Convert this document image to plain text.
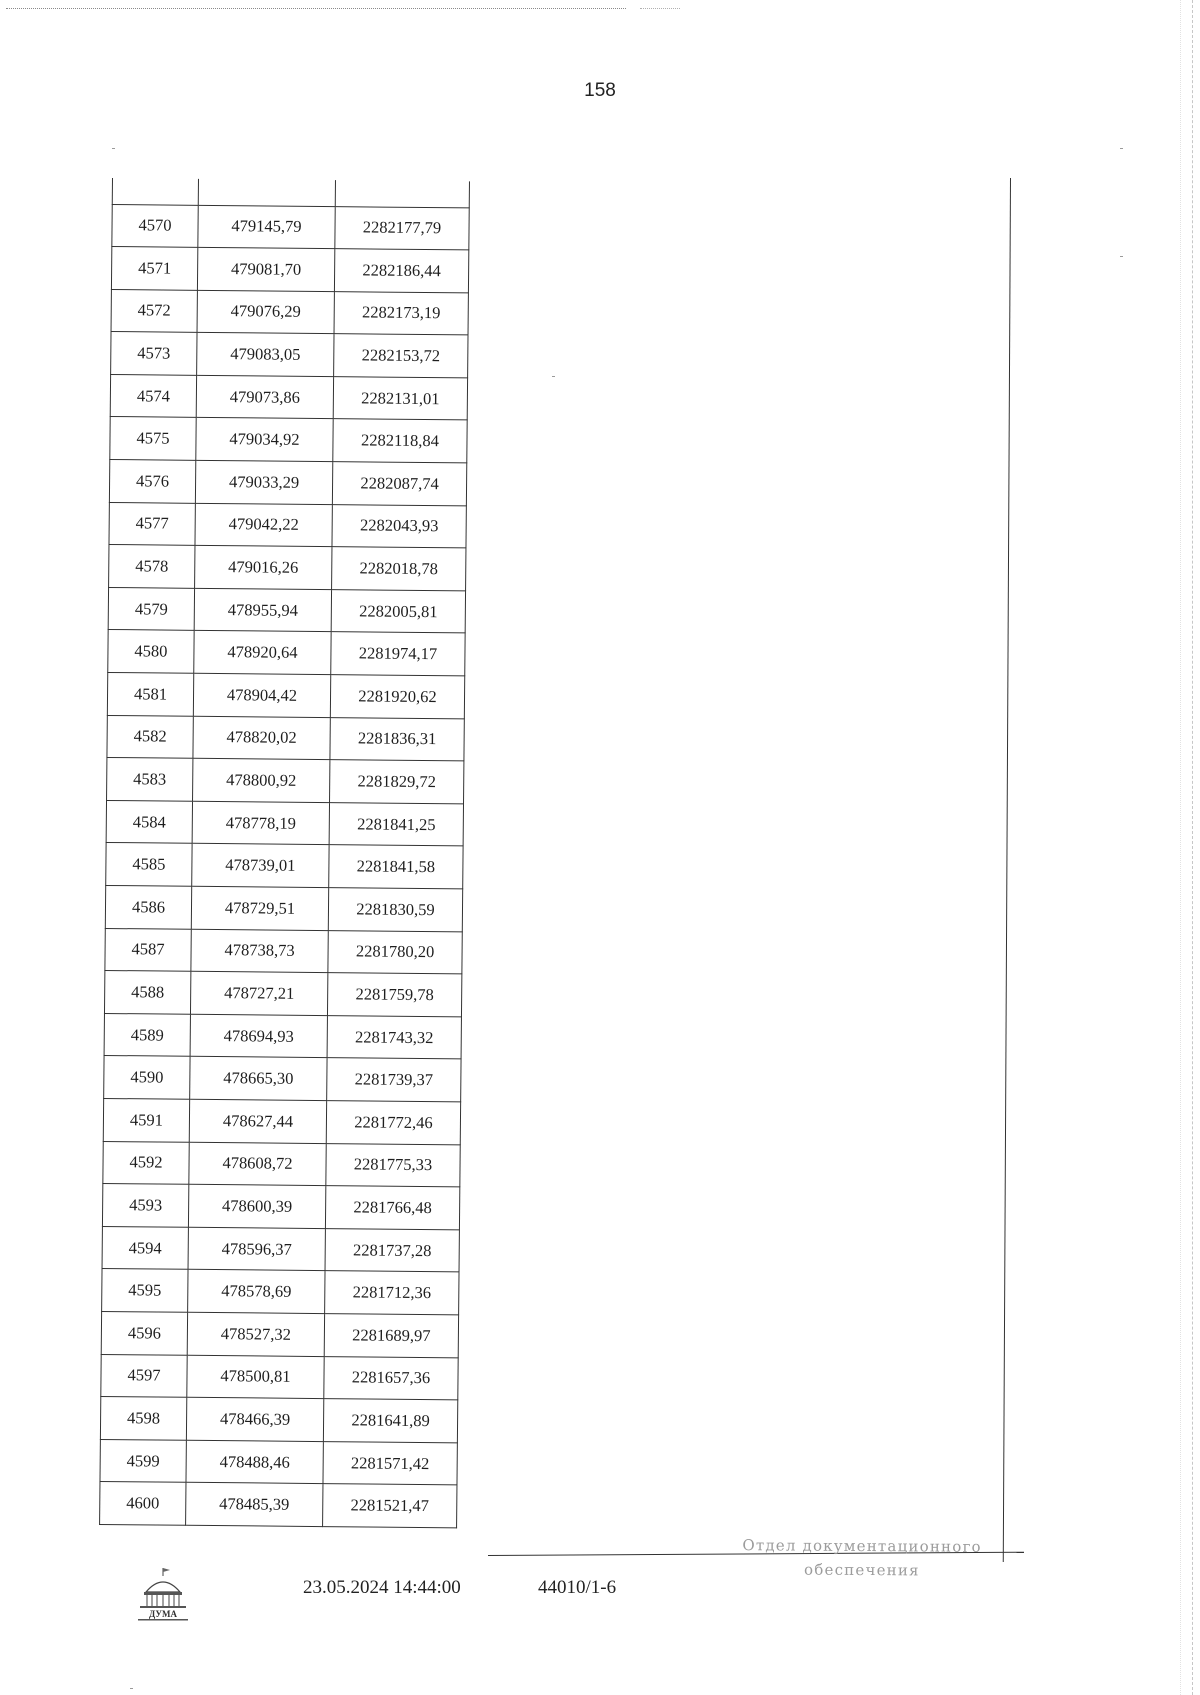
158

4570	479145,79	2282177,79
4571	479081,70	2282186,44
4572	479076,29	2282173,19
4573	479083,05	2282153,72
4574	479073,86	2282131,01
4575	479034,92	2282118,84
4576	479033,29	2282087,74
4577	479042,22	2282043,93
4578	479016,26	2282018,78
4579	478955,94	2282005,81
4580	478920,64	2281974,17
4581	478904,42	2281920,62
4582	478820,02	2281836,31
4583	478800,92	2281829,72
4584	478778,19	2281841,25
4585	478739,01	2281841,58
4586	478729,51	2281830,59
4587	478738,73	2281780,20
4588	478727,21	2281759,78
4589	478694,93	2281743,32
4590	478665,30	2281739,37
4591	478627,44	2281772,46
4592	478608,72	2281775,33
4593	478600,39	2281766,48
4594	478596,37	2281737,28
4595	478578,69	2281712,36
4596	478527,32	2281689,97
4597	478500,81	2281657,36
4598	478466,39	2281641,89
4599	478488,46	2281571,42
4600	478485,39	2281521,47
ДУМА
23.05.2024 14:44:00	44010/1-6
Отдел документационного
обеспечения
